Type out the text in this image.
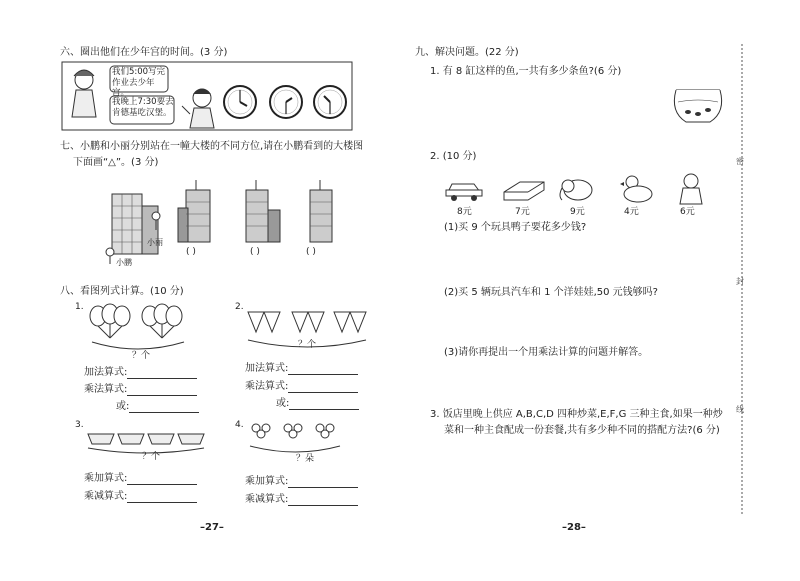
六、圈出他们在少年宫的时间。(3 分)
我们5:00写完作业去少年宫。
我晚上7:30要去肯德基吃汉堡。
七、小鹏和小丽分别站在一幢大楼的不同方位,请在小鹏看到的大楼图
下面画“△”。(3 分)
小丽
小鹏
( )	( )	( )
八、看图列式计算。(10 分)
1.
？个
加法算式:
乘法算式:
或:
2.
？个
加法算式:
乘法算式:
或:
3.
？个
乘加算式:
乘减算式:
4.
？朵
乘加算式:
乘减算式:
–27–
九、解决问题。(22 分)
1. 有 8 缸这样的鱼,一共有多少条鱼?(6 分)
2. (10 分)
8元	7元	9元	4元	6元
(1)买 9 个玩具鸭子要花多少钱?
(2)买 5 辆玩具汽车和 1 个洋娃娃,50 元钱够吗?
(3)请你再提出一个用乘法计算的问题并解答。
3. 饭店里晚上供应 A,B,C,D 四种炒菜,E,F,G 三种主食,如果一种炒
菜和一种主食配成一份套餐,共有多少种不同的搭配方法?(6 分)
–28–
密
封
线
